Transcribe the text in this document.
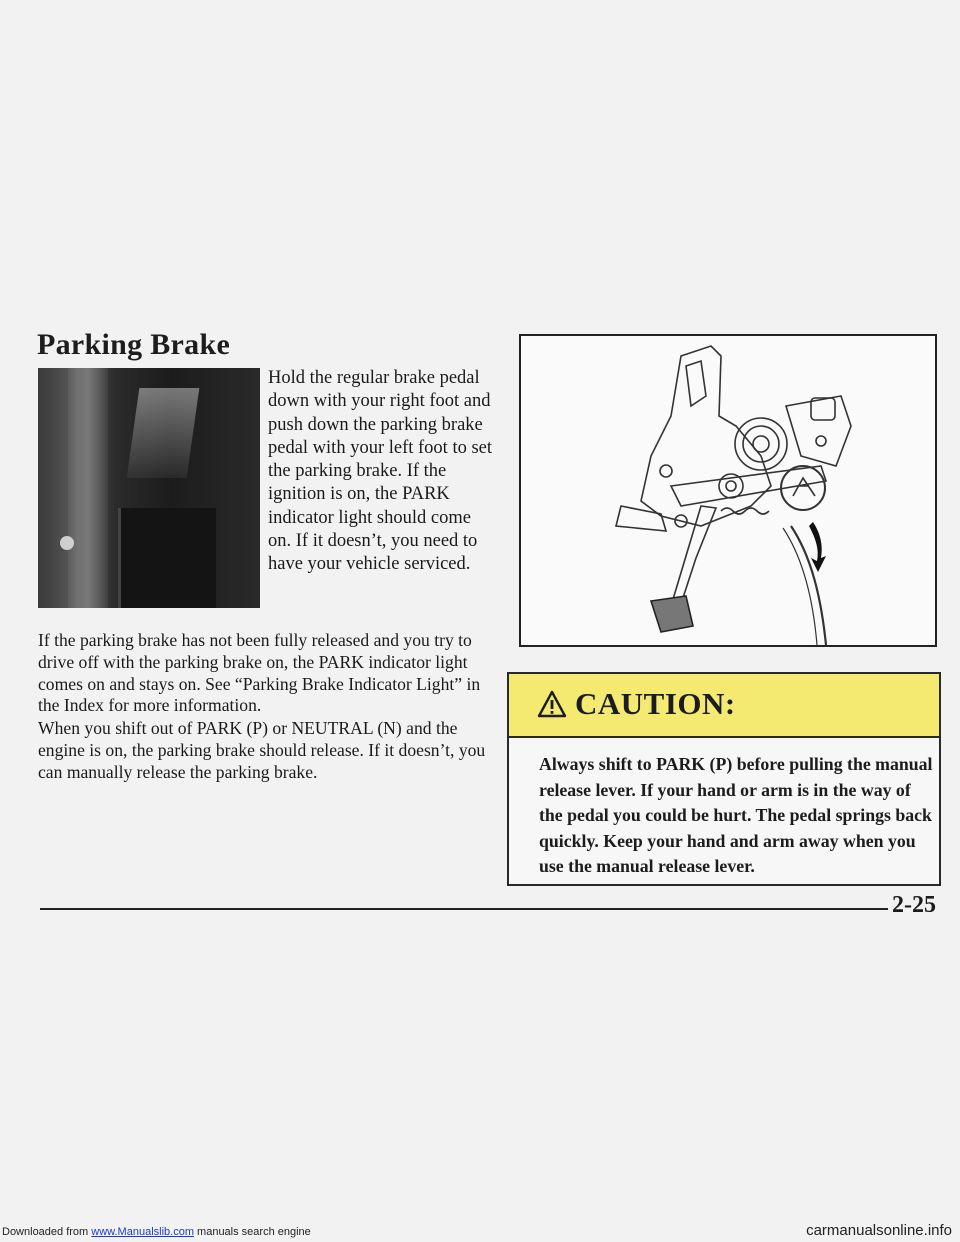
Parking Brake
Hold the regular brake pedal down with your right foot and push down the parking brake pedal with your left foot to set the parking brake. If the ignition is on, the PARK indicator light should come on. If it doesn’t, you need to have your vehicle serviced.
If the parking brake has not been fully released and you try to drive off with the parking brake on, the PARK indicator light comes on and stays on. See “Parking Brake Indicator Light” in the Index for more information.
When you shift out of PARK (P) or NEUTRAL (N) and the engine is on, the parking brake should release. If it doesn’t, you can manually release the parking brake.
CAUTION:
Always shift to PARK (P) before pulling the manual release lever. If your hand or arm is in the way of the pedal you could be hurt. The pedal springs back quickly. Keep your hand and arm away when you use the manual release lever.
2-25
Downloaded from www.Manualslib.com manuals search engine	carmanualsonline.info
